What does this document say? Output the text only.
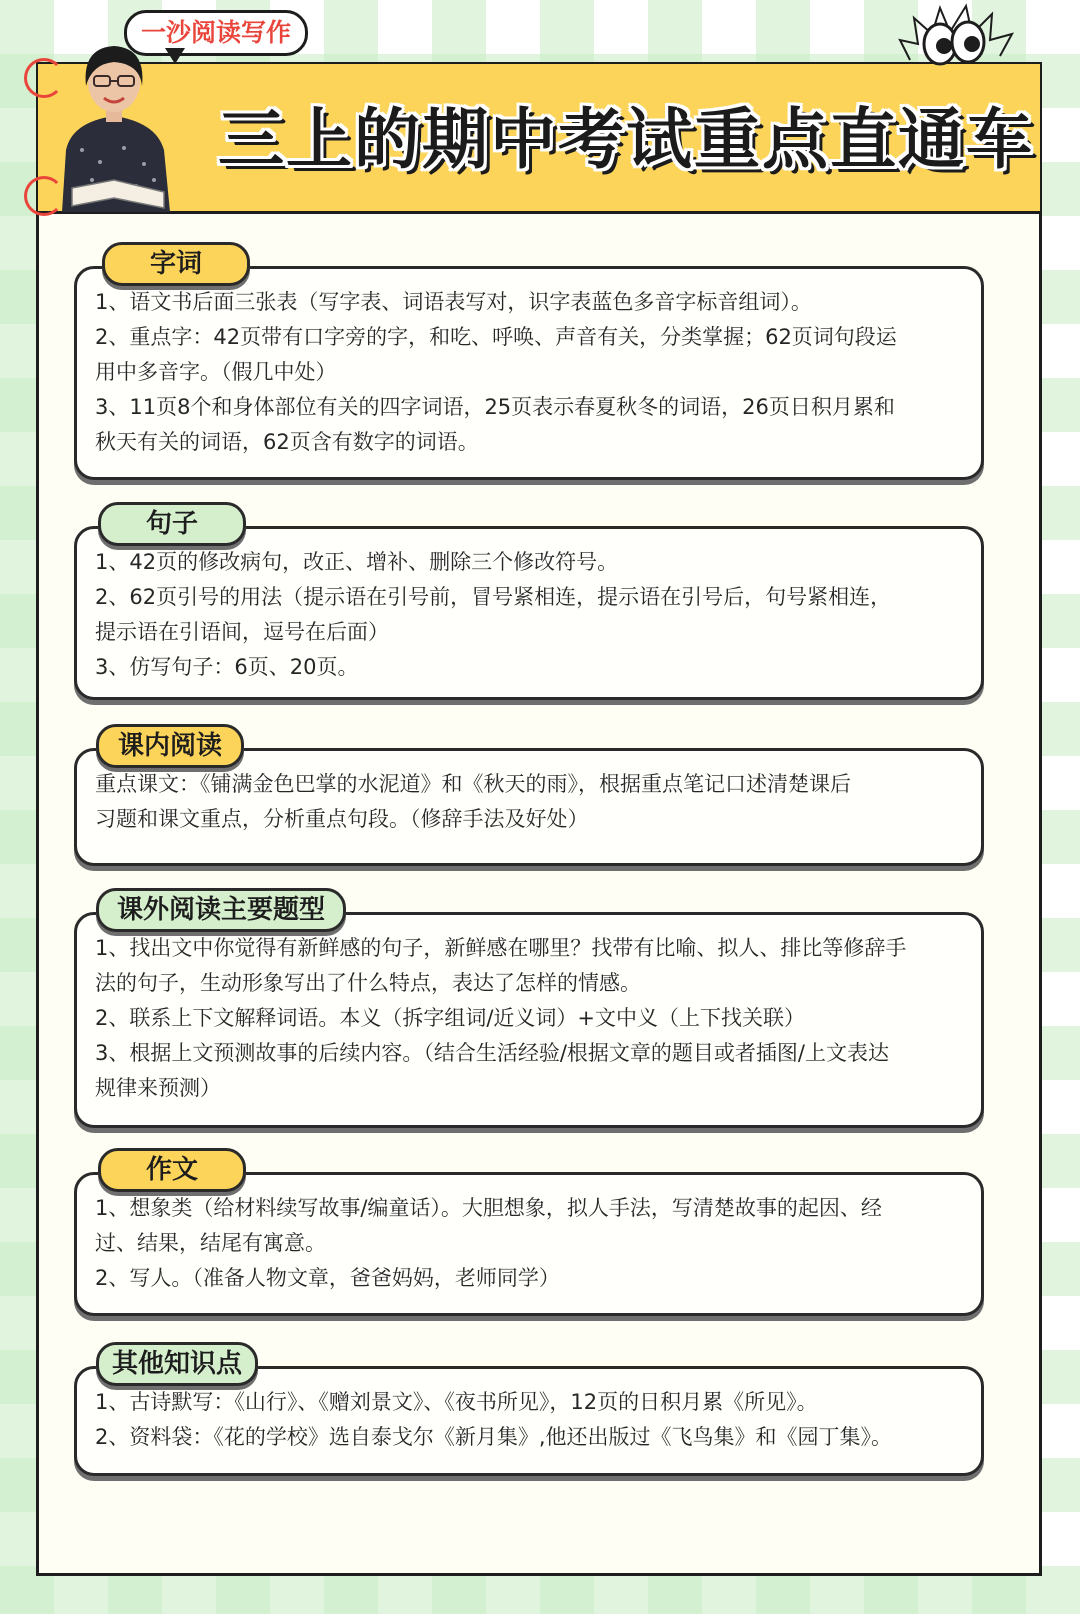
三上的期中考试重点直通车
一沙阅读写作

1、语文书后面三张表（写字表、词语表写对，识字表蓝色多音字标音组词）。

2、重点字：42页带有口字旁的字，和吃、呼唤、声音有关，分类掌握；62页词句段运

用中多音字。（假几中处）

3、11页8个和身体部位有关的四字词语，25页表示春夏秋冬的词语，26页日积月累和

秋天有关的词语，62页含有数字的词语。

字词

1、42页的修改病句，改正、增补、删除三个修改符号。

2、62页引号的用法（提示语在引号前，冒号紧相连，提示语在引号后，句号紧相连，

提示语在引语间，逗号在后面）

3、仿写句子：6页、20页。

句子

重点课文：《铺满金色巴掌的水泥道》和《秋天的雨》，根据重点笔记口述清楚课后

习题和课文重点，分析重点句段。（修辞手法及好处）

课内阅读

1、找出文中你觉得有新鲜感的句子，新鲜感在哪里？找带有比喻、拟人、排比等修辞手

法的句子，生动形象写出了什么特点，表达了怎样的情感。

2、联系上下文解释词语。本义（拆字组词/近义词）+文中义（上下找关联）

3、根据上文预测故事的后续内容。（结合生活经验/根据文章的题目或者插图/上文表达

规律来预测）

课外阅读主要题型

1、想象类（给材料续写故事/编童话）。大胆想象，拟人手法，写清楚故事的起因、经

过、结果，结尾有寓意。

2、写人。（准备人物文章，爸爸妈妈，老师同学）

作文

1、古诗默写：《山行》、《赠刘景文》、《夜书所见》，12页的日积月累《所见》。

2、资料袋：《花的学校》选自泰戈尔《新月集》,他还出版过《飞鸟集》和《园丁集》。

其他知识点
